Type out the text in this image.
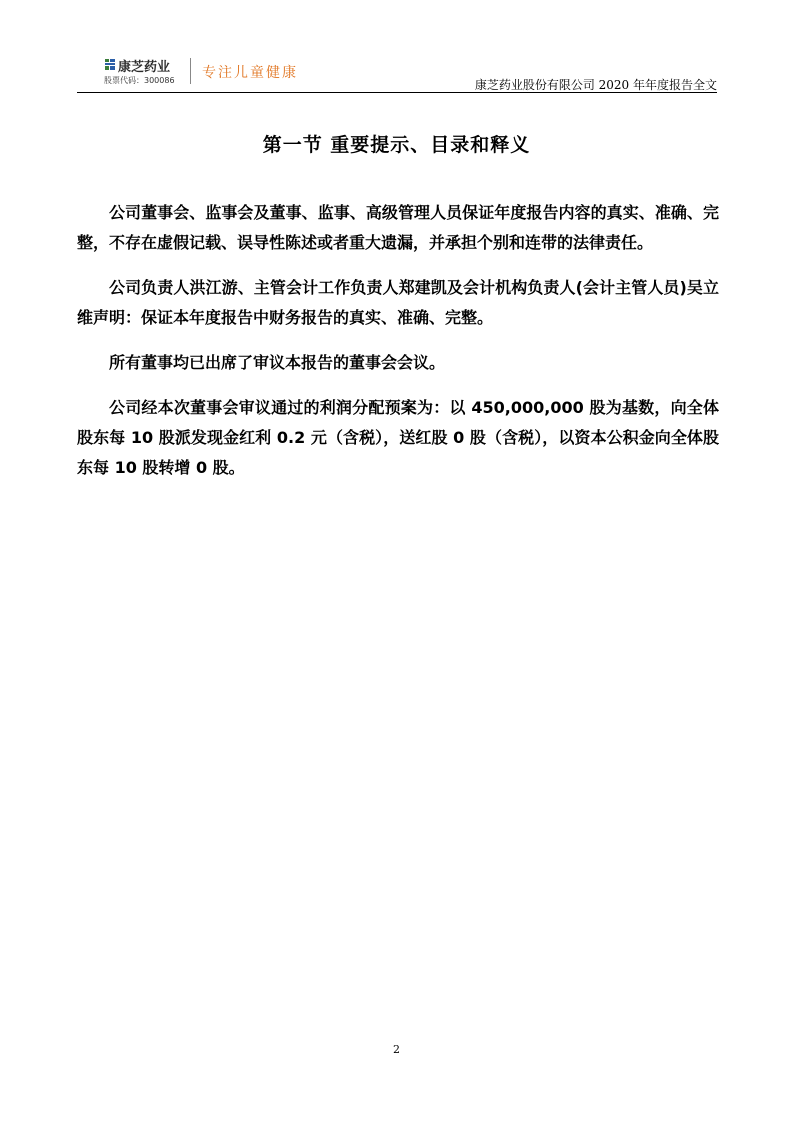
康芝药业
股票代码：300086 专注儿童健康
康芝药业股份有限公司 2020 年年度报告全文
第一节 重要提示、目录和释义

公司董事会、监事会及董事、监事、高级管理人员保证年度报告内容的真实、准确、完整，不存在虚假记载、误导性陈述或者重大遗漏，并承担个别和连带的法律责任。

公司负责人洪江游、主管会计工作负责人郑建凯及会计机构负责人(会计主管人员)吴立维声明：保证本年度报告中财务报告的真实、准确、完整。

所有董事均已出席了审议本报告的董事会会议。

公司经本次董事会审议通过的利润分配预案为：以 450,000,000 股为基数，向全体股东每 10 股派发现金红利 0.2 元（含税），送红股 0 股（含税），以资本公积金向全体股东每 10 股转增 0 股。

2
